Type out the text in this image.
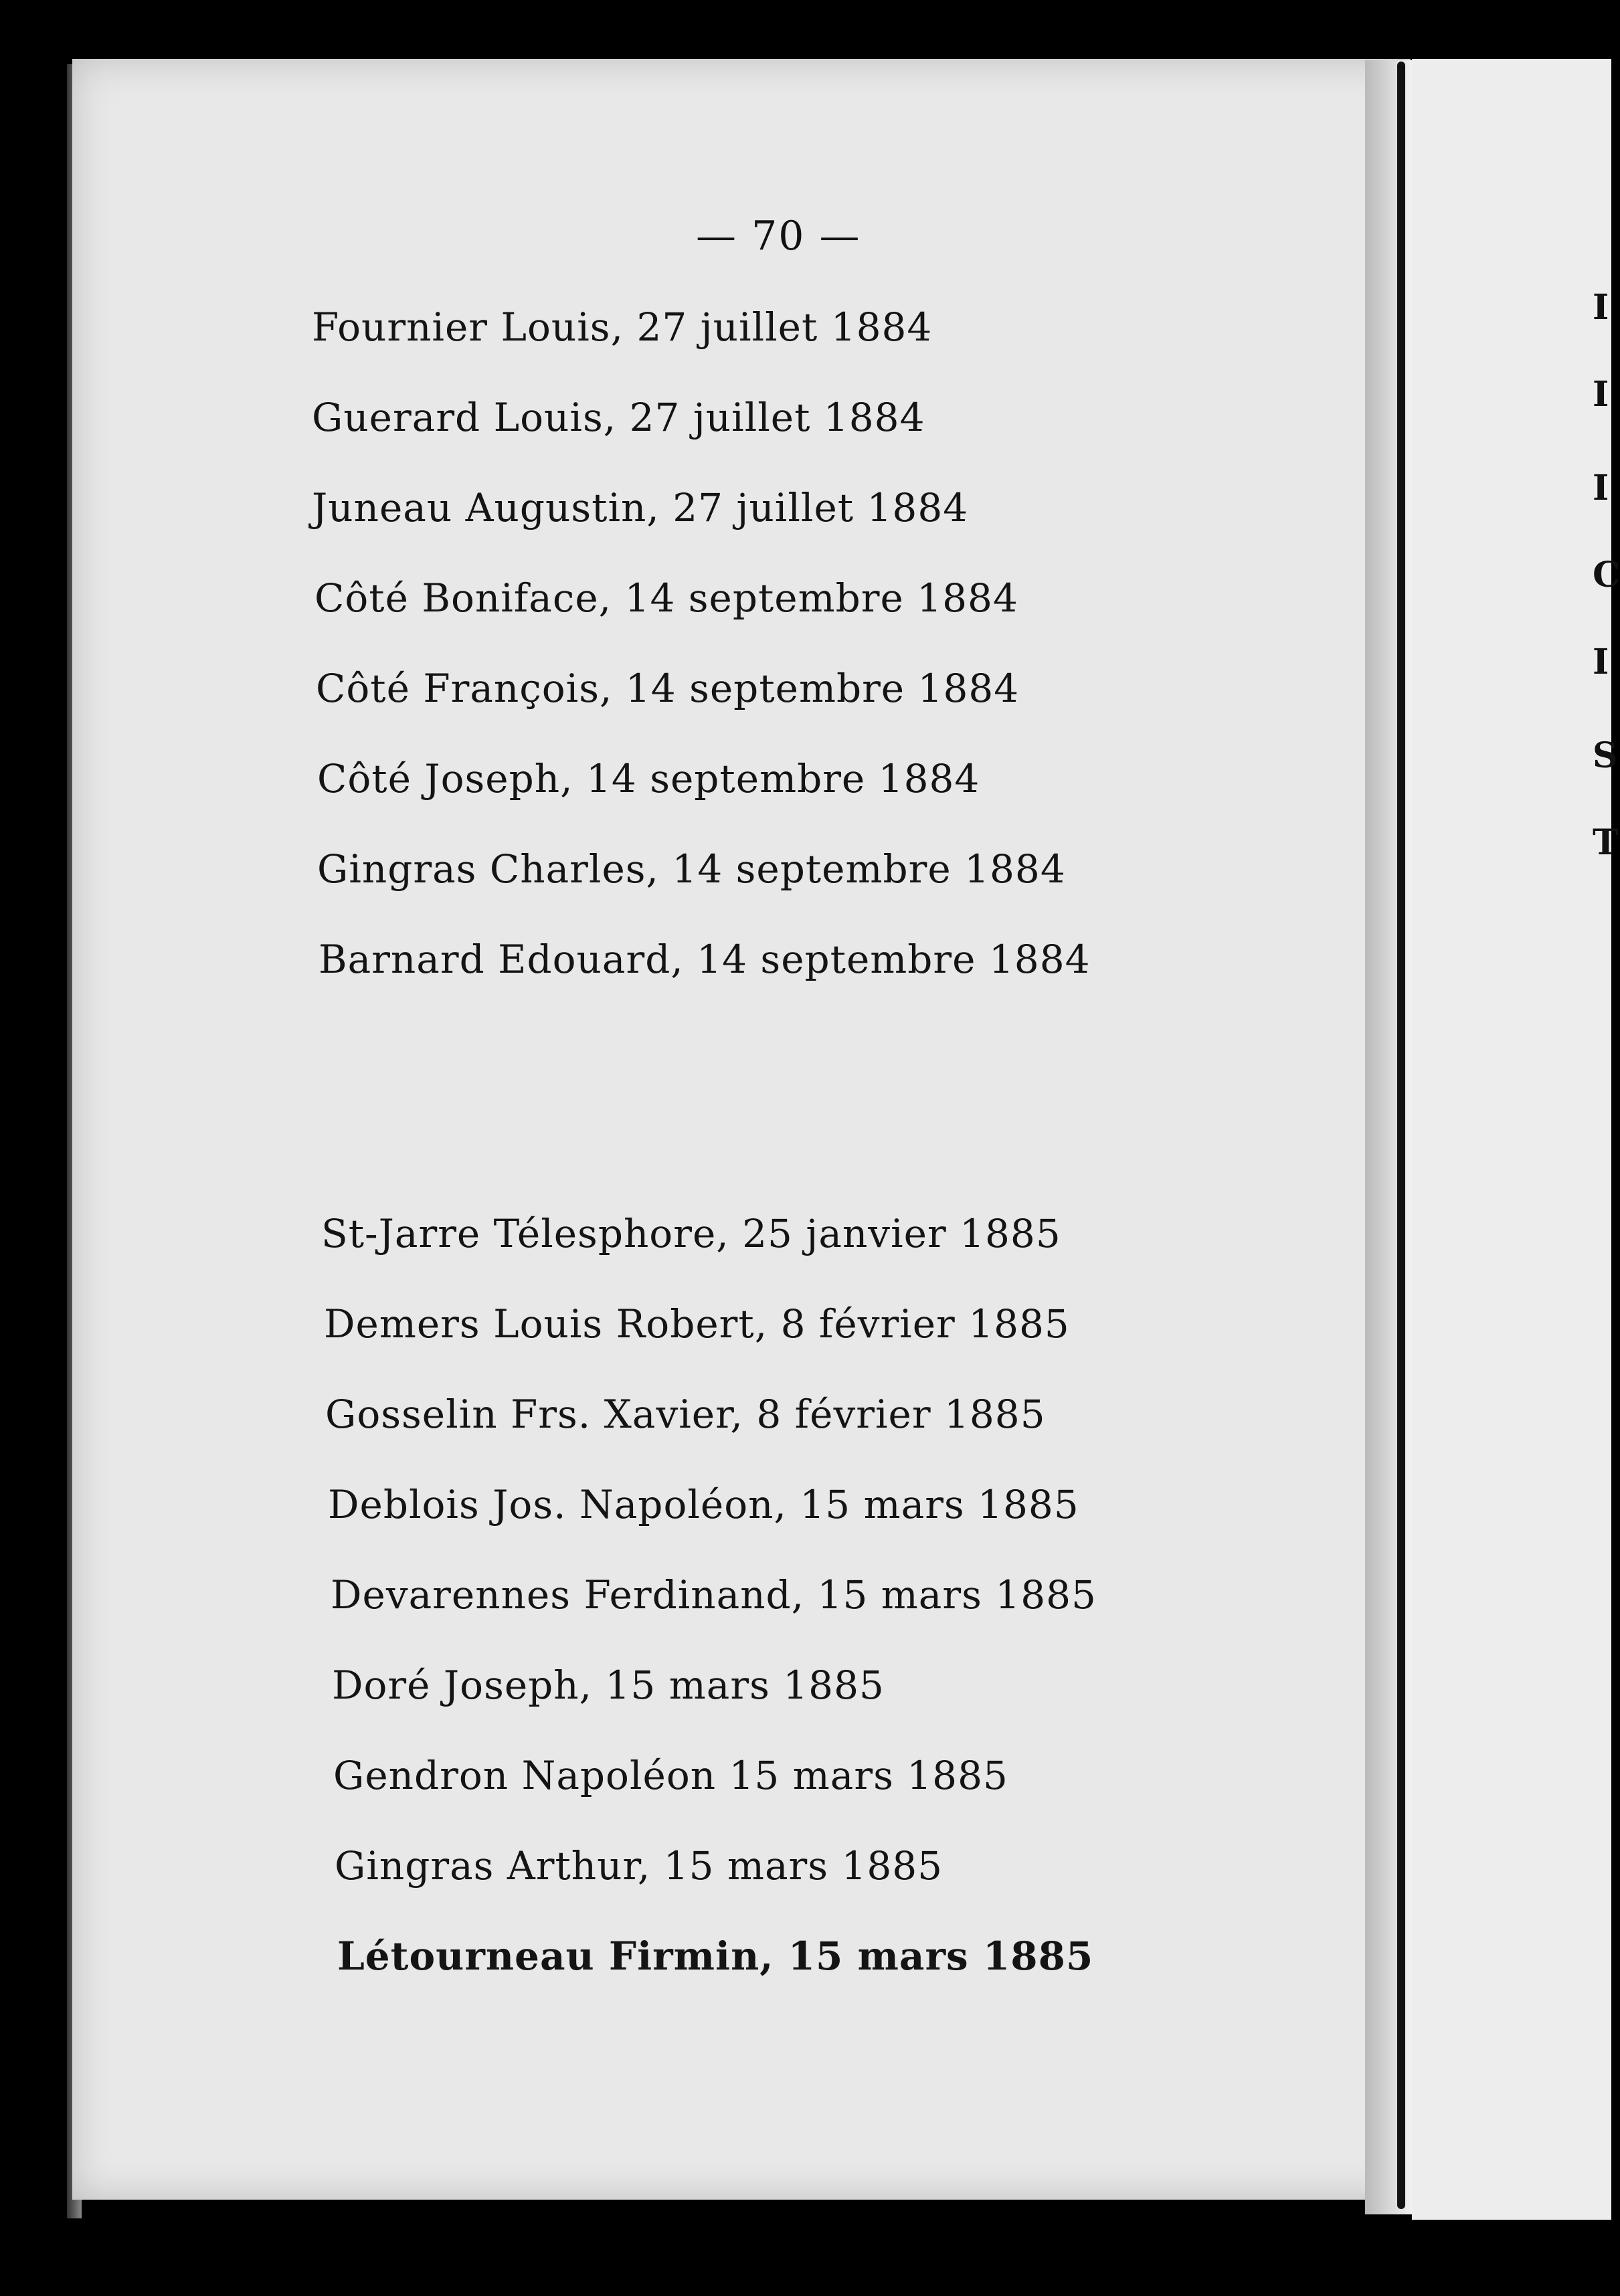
— 70 —
Fournier Louis, 27 juillet 1884
Guerard Louis, 27 juillet 1884
Juneau Augustin, 27 juillet 1884
Côté Boniface, 14 septembre 1884
Côté François, 14 septembre 1884
Côté Joseph, 14 septembre 1884
Gingras Charles, 14 septembre 1884
Barnard Edouard, 14 septembre 1884
St-Jarre Télesphore, 25 janvier 1885
Demers Louis Robert, 8 février 1885
Gosselin Frs. Xavier, 8 février 1885
Deblois Jos. Napoléon, 15 mars 1885
Devarennes Ferdinand, 15 mars 1885
Doré Joseph, 15 mars 1885
Gendron Napoléon 15 mars 1885
Gingras Arthur, 15 mars 1885
Létourneau Firmin, 15 mars 1885
I
I
I
C
I
S
T
